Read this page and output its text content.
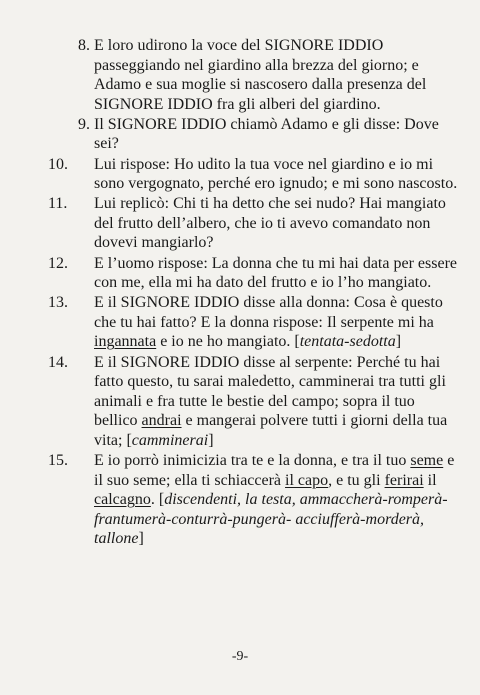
8. E loro udirono la voce del SIGNORE IDDIO passeggiando nel giardino alla brezza del giorno; e Adamo e sua moglie si nascosero dalla presenza del SIGNORE IDDIO fra gli alberi del giardino.
9. Il SIGNORE IDDIO chiamò Adamo e gli disse: Dove sei?
10.	Lui rispose: Ho udito la tua voce nel giardino e io mi sono vergognato, perché ero ignudo; e mi sono nascosto.
11.	Lui replicò: Chi ti ha detto che sei nudo? Hai mangiato del frutto dell’albero, che io ti avevo comandato non dovevi mangiarlo?
12.	E l’uomo rispose: La donna che tu mi hai data per essere con me, ella mi ha dato del frutto e io l’ho mangiato.
13.	E il SIGNORE IDDIO disse alla donna: Cosa è questo che tu hai fatto? E la donna rispose: Il serpente mi ha ingannata e io ne ho mangiato. [tentata-sedotta]
14.	E il SIGNORE IDDIO disse al serpente: Perché tu hai fatto questo, tu sarai maledetto, camminerai tra tutti gli animali e fra tutte le bestie del campo; sopra il tuo bellico andrai e mangerai polvere tutti i giorni della tua vita; [camminerai]
15.	E io porrò inimicizia tra te e la donna, e tra il tuo seme e il suo seme; ella ti schiaccerà il capo, e tu gli ferirai il calcagno. [discendenti, la testa, ammaccherà-romperà-frantumerà-conturrà-pungerà- acciufferà-morderà, tallone]
-9-
